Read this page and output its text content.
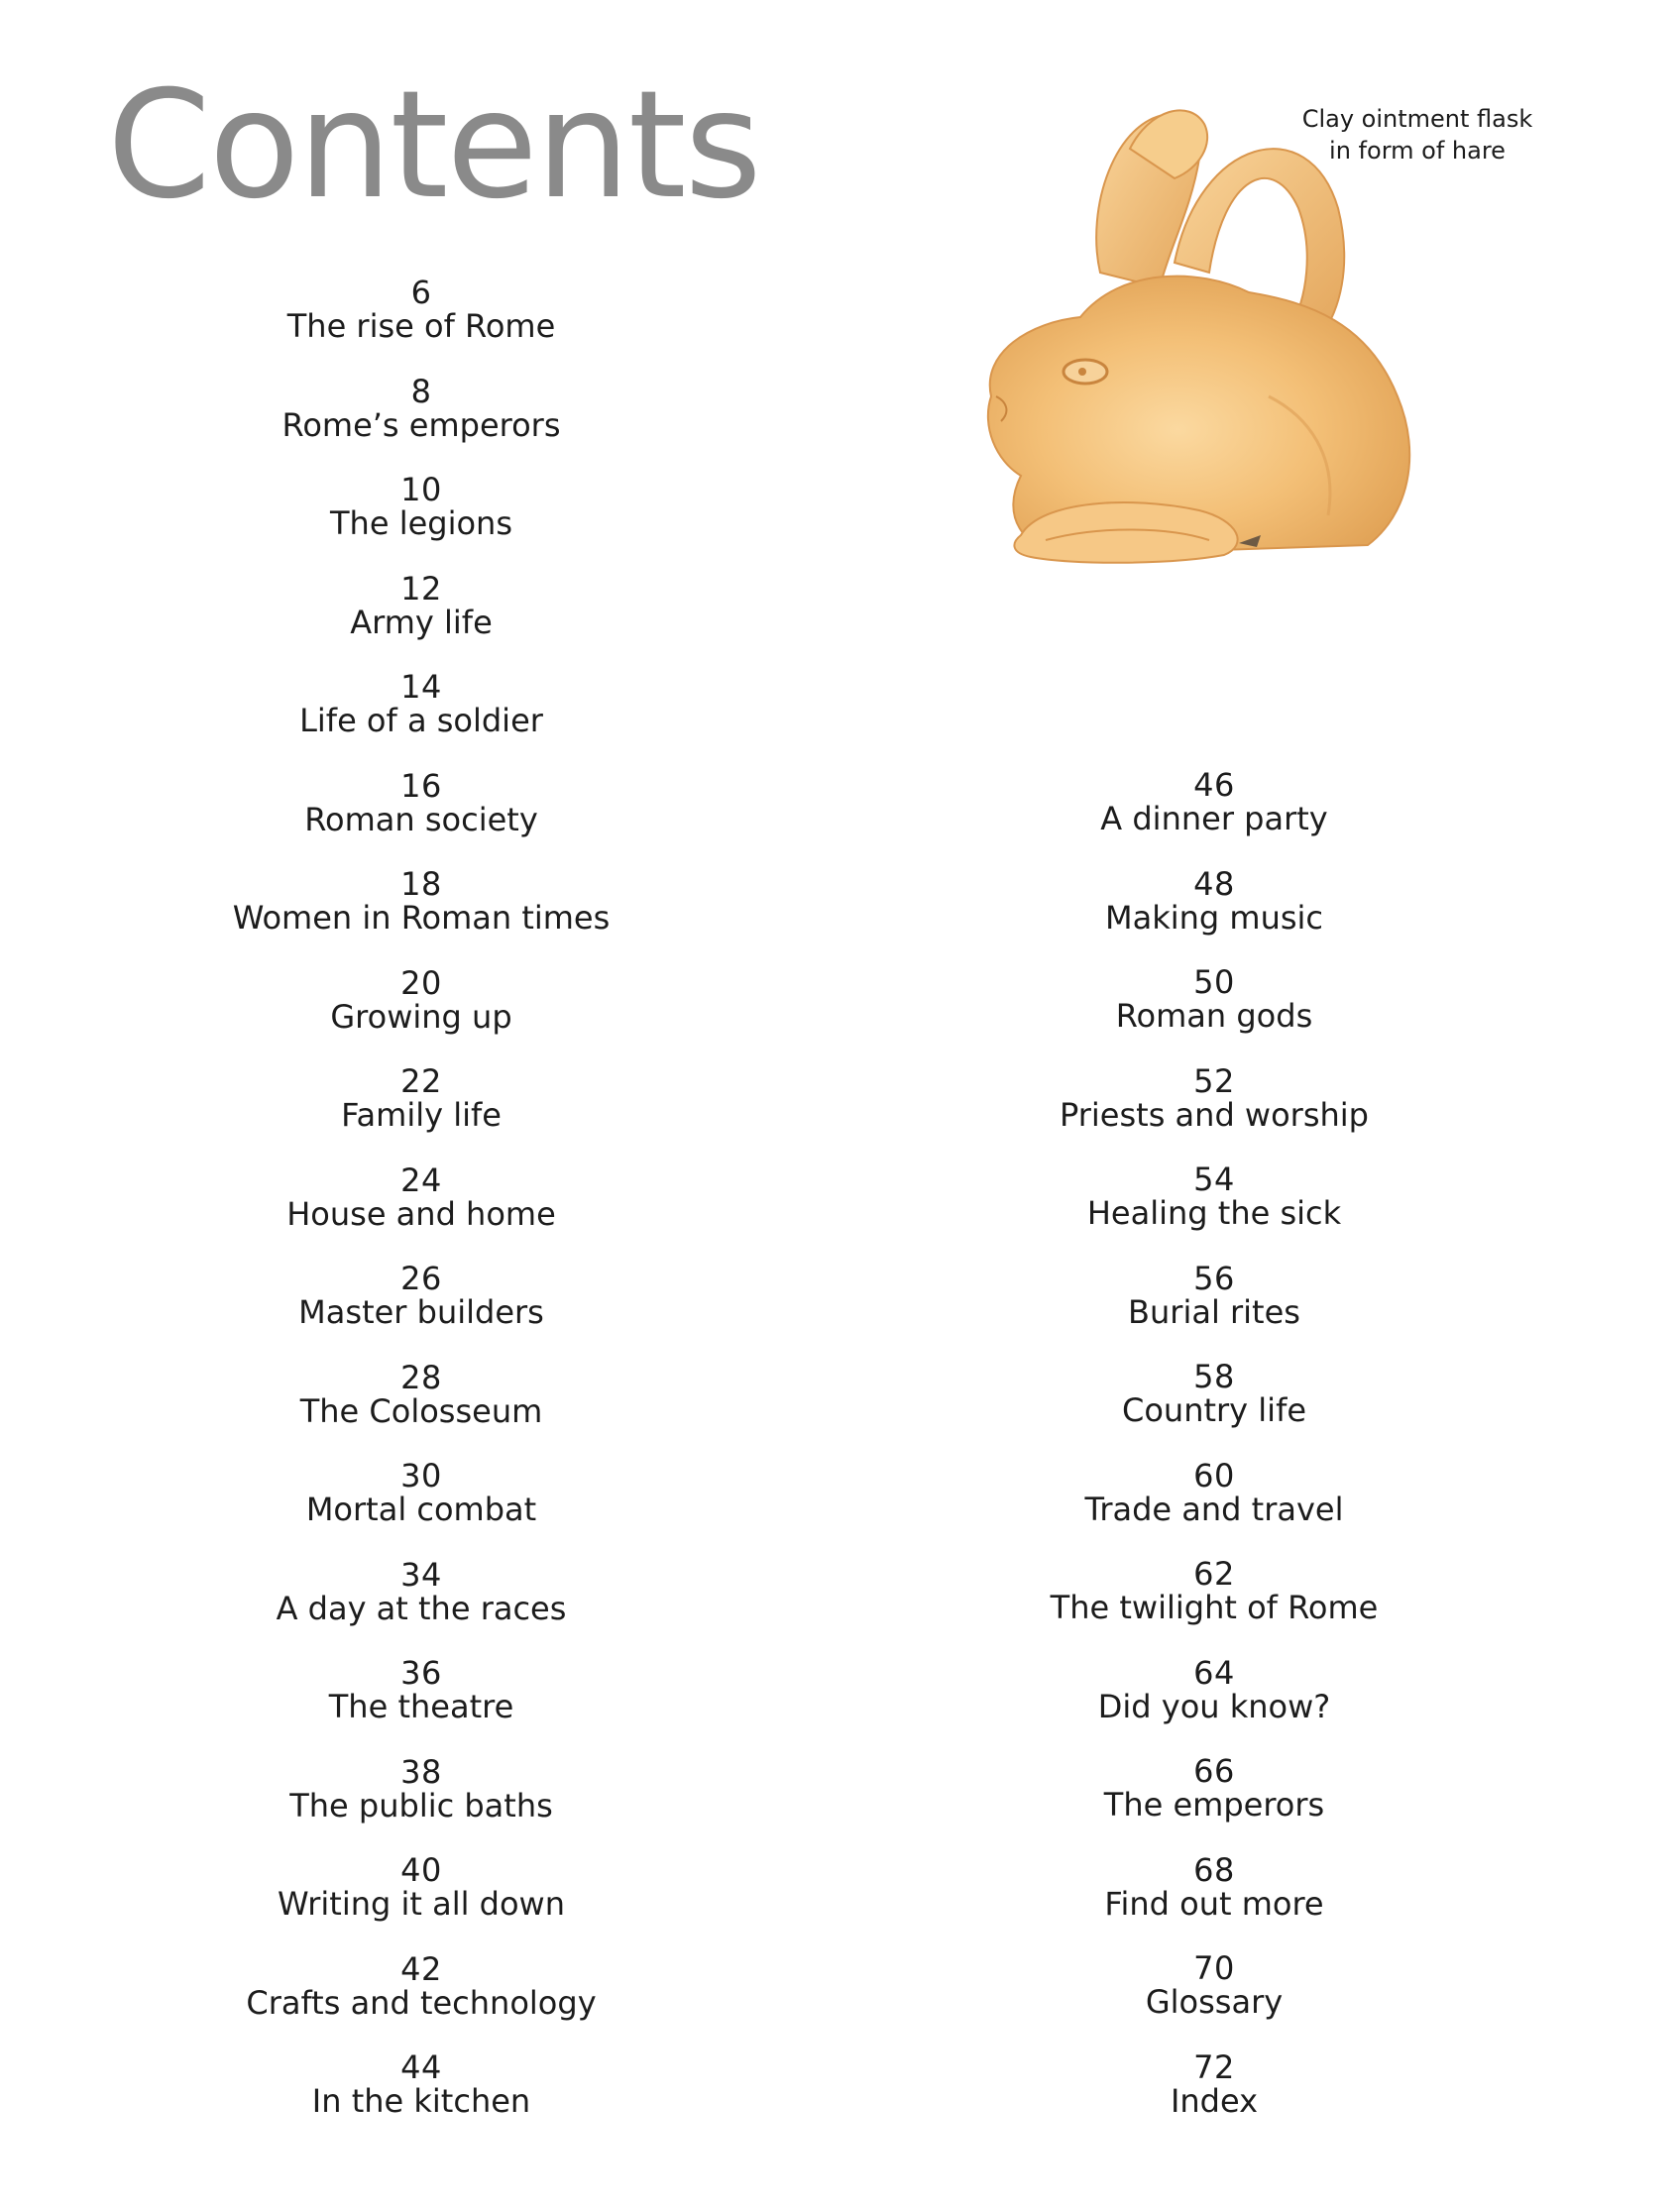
Contents	Clay ointment flask in form of hare
6
The rise of Rome
8
Rome’s emperors
10
The legions
12
Army life
14
Life of a soldier
16
Roman society
18
Women in Roman times
20
Growing up
22
Family life
24
House and home
26
Master builders
28
The Colosseum
30
Mortal combat
34
A day at the races
36
The theatre
38
The public baths
40
Writing it all down
42
Crafts and technology
44
In the kitchen
46
A dinner party
48
Making music
50
Roman gods
52
Priests and worship
54
Healing the sick
56
Burial rites
58
Country life
60
Trade and travel
62
The twilight of Rome
64
Did you know?
66
The emperors
68
Find out more
70
Glossary
72
Index
